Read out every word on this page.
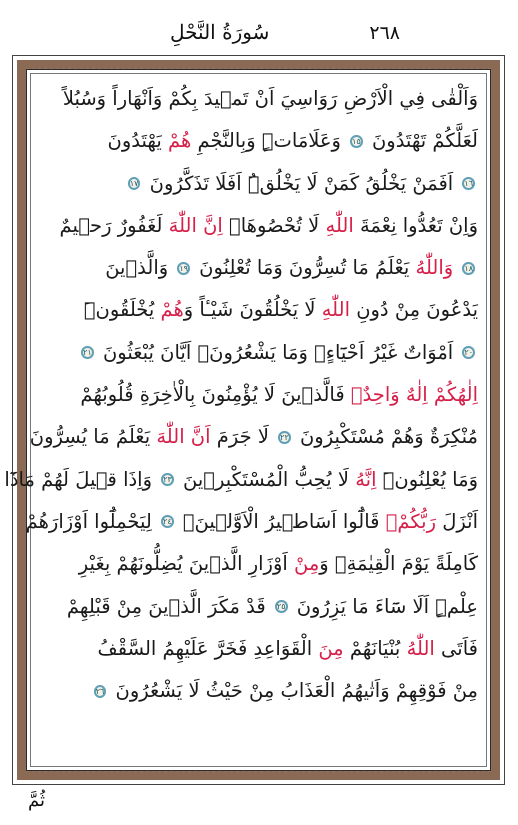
سُورَةُ النَّحْلِ	٢٦٨
وَاَلْقٰى فِي الْاَرْضِ رَوَاسِيَ اَنْ تَم۪يدَ بِكُمْ وَاَنْهَاراً وَسُبُلاً
لَعَلَّكُمْ تَهْتَدُونَ ١٥ وَعَلَامَاتٍۜ وَبِالنَّجْمِ هُمْ يَهْتَدُونَ
١٦ اَفَمَنْ يَخْلُقُ كَمَنْ لَا يَخْلُقُۜ اَفَلَا تَذَكَّرُونَ ١٧
وَاِنْ تَعُدُّوا نِعْمَةَ اللّٰهِ لَا تُحْصُوهَاۜ اِنَّ اللّٰهَ لَغَفُورٌ رَح۪يمٌ
١٨ وَاللّٰهُ يَعْلَمُ مَا تُسِرُّونَ وَمَا تُعْلِنُونَ ١٩ وَالَّذ۪ينَ
يَدْعُونَ مِنْ دُونِ اللّٰهِ لَا يَخْلُقُونَ شَيْـٔاً وَهُمْ يُخْلَقُونَۜ
٢٠ اَمْوَاتٌ غَيْرُ اَحْيَٓاءٍۚ وَمَا يَشْعُرُونَۙ اَيَّانَ يُبْعَثُونَ ٢١
اِلٰهُكُمْ اِلٰهٌ وَاحِدٌۚ فَالَّذ۪ينَ لَا يُؤْمِنُونَ بِالْاٰخِرَةِ قُلُوبُهُمْ
مُنْكِرَةٌ وَهُمْ مُسْتَكْبِرُونَ ٢٢ لَا جَرَمَ اَنَّ اللّٰهَ يَعْلَمُ مَا يُسِرُّونَ
وَمَا يُعْلِنُونَۜ اِنَّهُ لَا يُحِبُّ الْمُسْتَكْبِر۪ينَ ٢٣ وَاِذَا ق۪يلَ لَهُمْ مَاذَٓا
اَنْزَلَ رَبُّكُمْۙ قَالُٓوا اَسَاط۪يرُ الْاَوَّل۪ينَۙ ٢٤ لِيَحْمِلُٓوا اَوْزَارَهُمْ
كَامِلَةً يَوْمَ الْقِيٰمَةِۙ وَمِنْ اَوْزَارِ الَّذ۪ينَ يُضِلُّونَهُمْ بِغَيْرِ
عِلْمٍۜ اَلَا سَٓاءَ مَا يَزِرُونَ ٢٥ قَدْ مَكَرَ الَّذ۪ينَ مِنْ قَبْلِهِمْ
فَاَتَى اللّٰهُ بُنْيَانَهُمْ مِنَ الْقَوَاعِدِ فَخَرَّ عَلَيْهِمُ السَّقْفُ
مِنْ فَوْقِهِمْ وَاَتٰيهُمُ الْعَذَابُ مِنْ حَيْثُ لَا يَشْعُرُونَ ٢٦
ثُمَّ
